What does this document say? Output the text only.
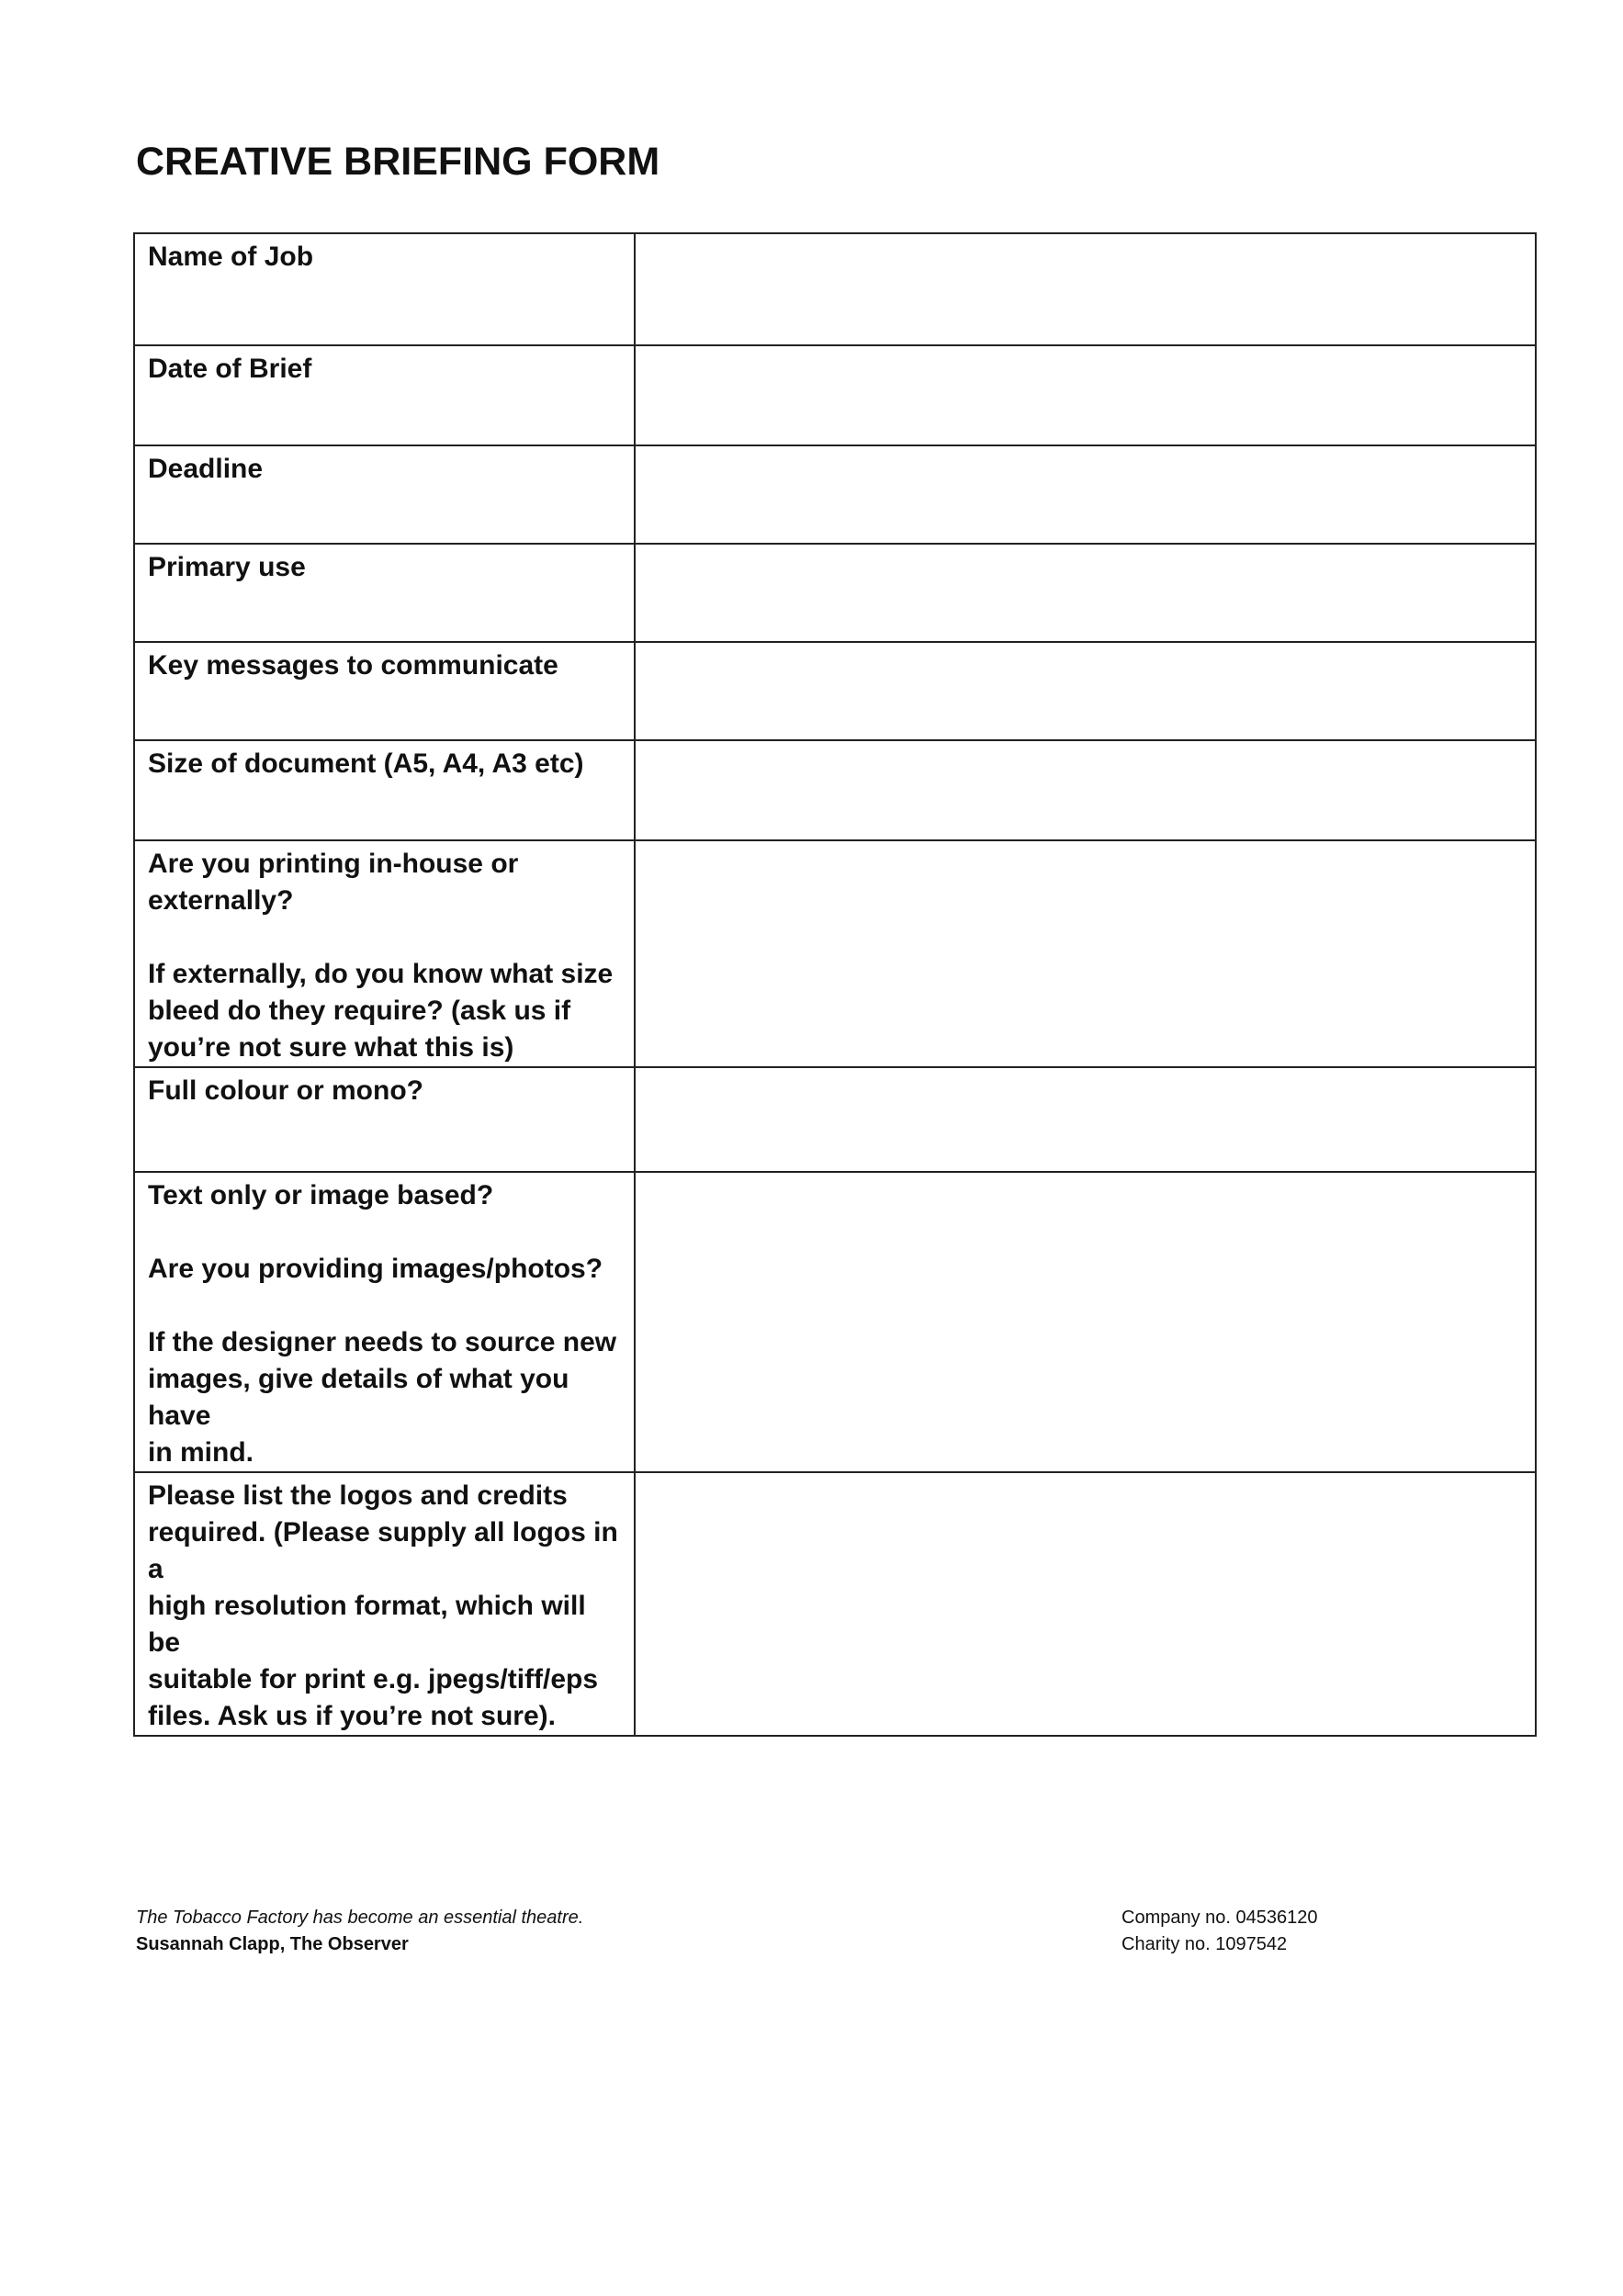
CREATIVE BRIEFING FORM
Name of Job	

Date of Brief	

Deadline	

Primary use	

Key messages to communicate	

Size of document (A5, A4, A3 etc)	

Are you printing in-house or
externally?
If externally, do you know what size
bleed do they require? (ask us if
you’re not sure what this is)	

Full colour or mono?	

Text only or image based?
Are you providing images/photos?
If the designer needs to source new
images, give details of what you have
in mind.	

Please list the logos and credits
required. (Please supply all logos in a
high resolution format, which will be
suitable for print e.g. jpegs/tiff/eps
files. Ask us if you’re not sure).	

The Tobacco Factory has become an essential theatre.
Susannah Clapp, The Observer
Company no. 04536120
Charity no. 1097542
